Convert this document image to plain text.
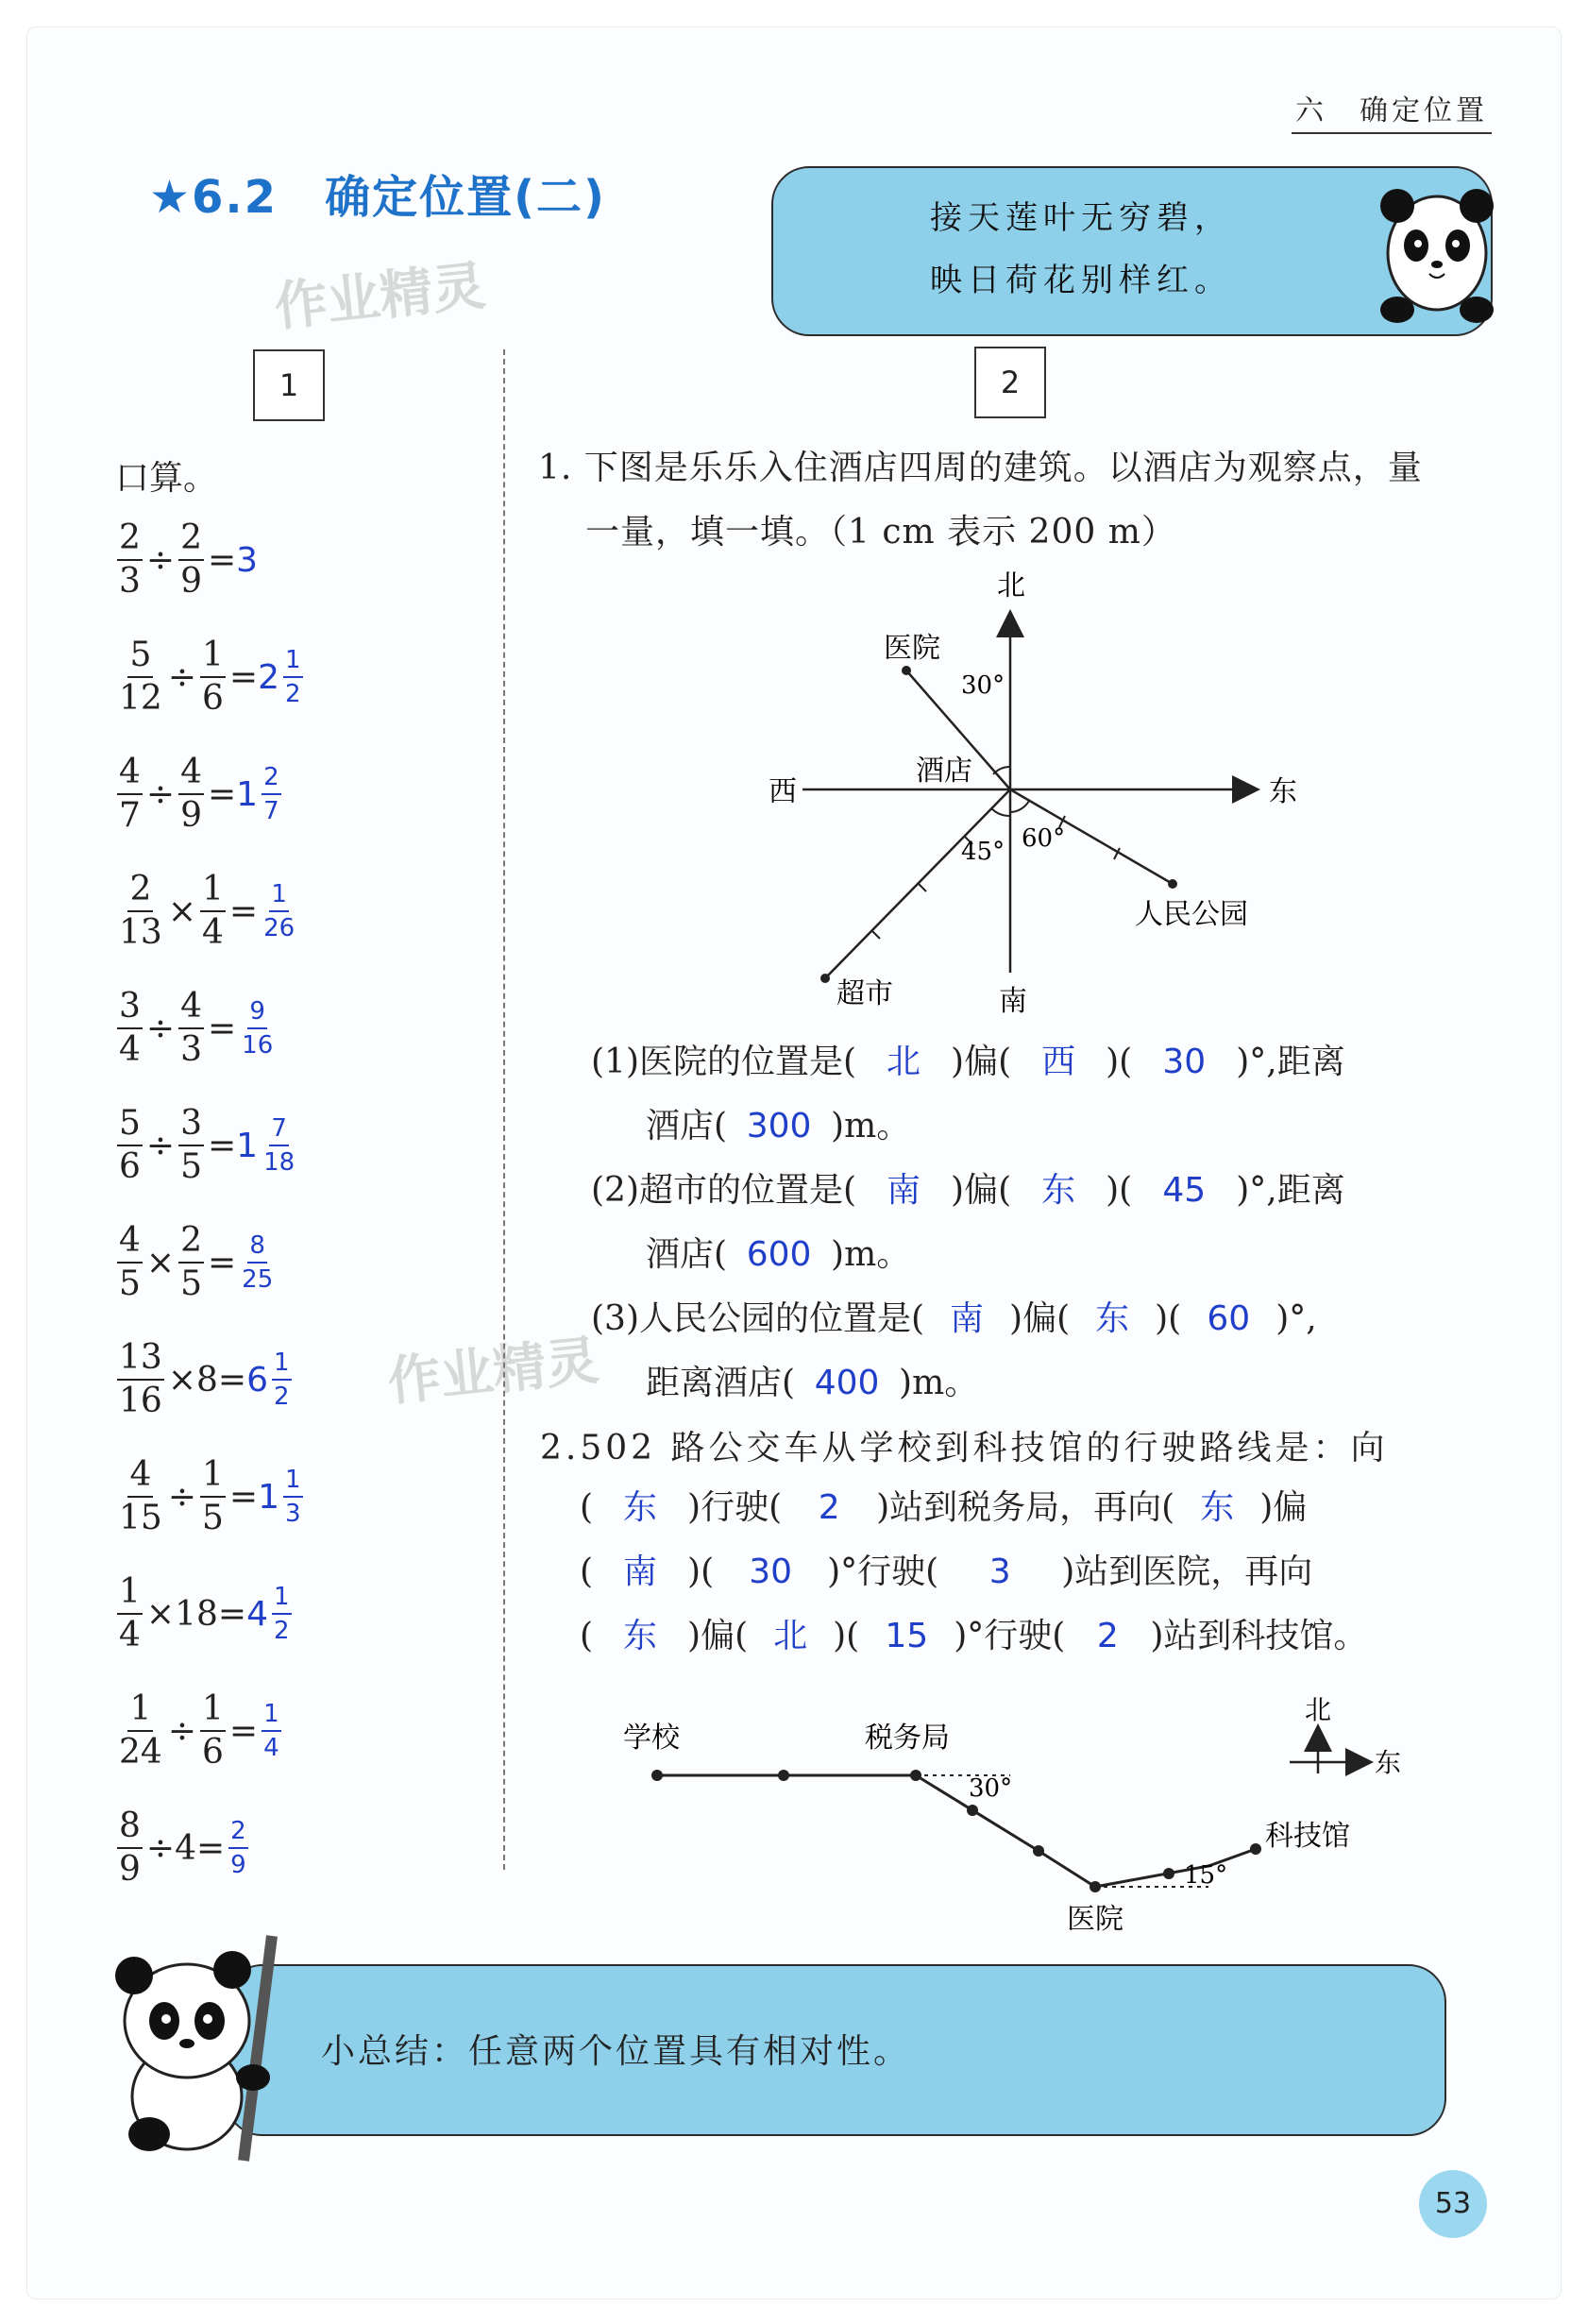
六　确定位置
★6.2　确定位置(二)
作业精灵
作业精灵
接天莲叶无穷碧，
映日荷花别样红。
1	2
口算。
$\frac{2}{3} \div \frac{2}{9} = 3$
$\frac{5}{12} \div \frac{1}{6} = 2 \frac{1}{2}$
$\frac{4}{7} \div \frac{4}{9} = 1 \frac{2}{7}$
$\frac{2}{13} \times \frac{1}{4} = \frac{1}{26}$
$\frac{3}{4} \div \frac{4}{3} = \frac{9}{16}$
$\frac{5}{6} \div \frac{3}{5} = 1 \frac{7}{18}$
$\frac{4}{5} \times \frac{2}{5} = \frac{8}{25}$
$\frac{13}{16} \times 8 = 6 \frac{1}{2}$
$\frac{4}{15} \div \frac{1}{5} = 1 \frac{1}{3}$
$\frac{1}{4} \times 18 = 4 \frac{1}{2}$
$\frac{1}{24} \div \frac{1}{6} = \frac{1}{4}$
$\frac{8}{9} \div 4 = \frac{2}{9}$
1. 下图是乐乐入住酒店四周的建筑。以酒店为观察点，量
一量，填一填。（1 cm 表示 200 m）
北
南
东
西
酒店
医院
超市
人民公园
30°
45° 60°
(1)医院的位置是( 北 )偏( 西 )( 30 )°,距离
酒店( 300 )m。
(2)超市的位置是( 南 )偏( 东 )( 45 )°,距离
酒店( 600 )m。
(3)人民公园的位置是( 南 )偏( 东 )( 60 )°,
距离酒店( 400 )m。
2.502 路公交车从学校到科技馆的行驶路线是：向
( 东 )行驶( 2 )站到税务局，再向( 东 )偏
( 南 )( 30 )°行驶( 3 )站到医院，再向
( 东 )偏( 北 )( 15 )°行驶( 2 )站到科技馆。
学校	税务局
医院
科技馆
30°
15°
北
东
小总结：任意两个位置具有相对性。
53
